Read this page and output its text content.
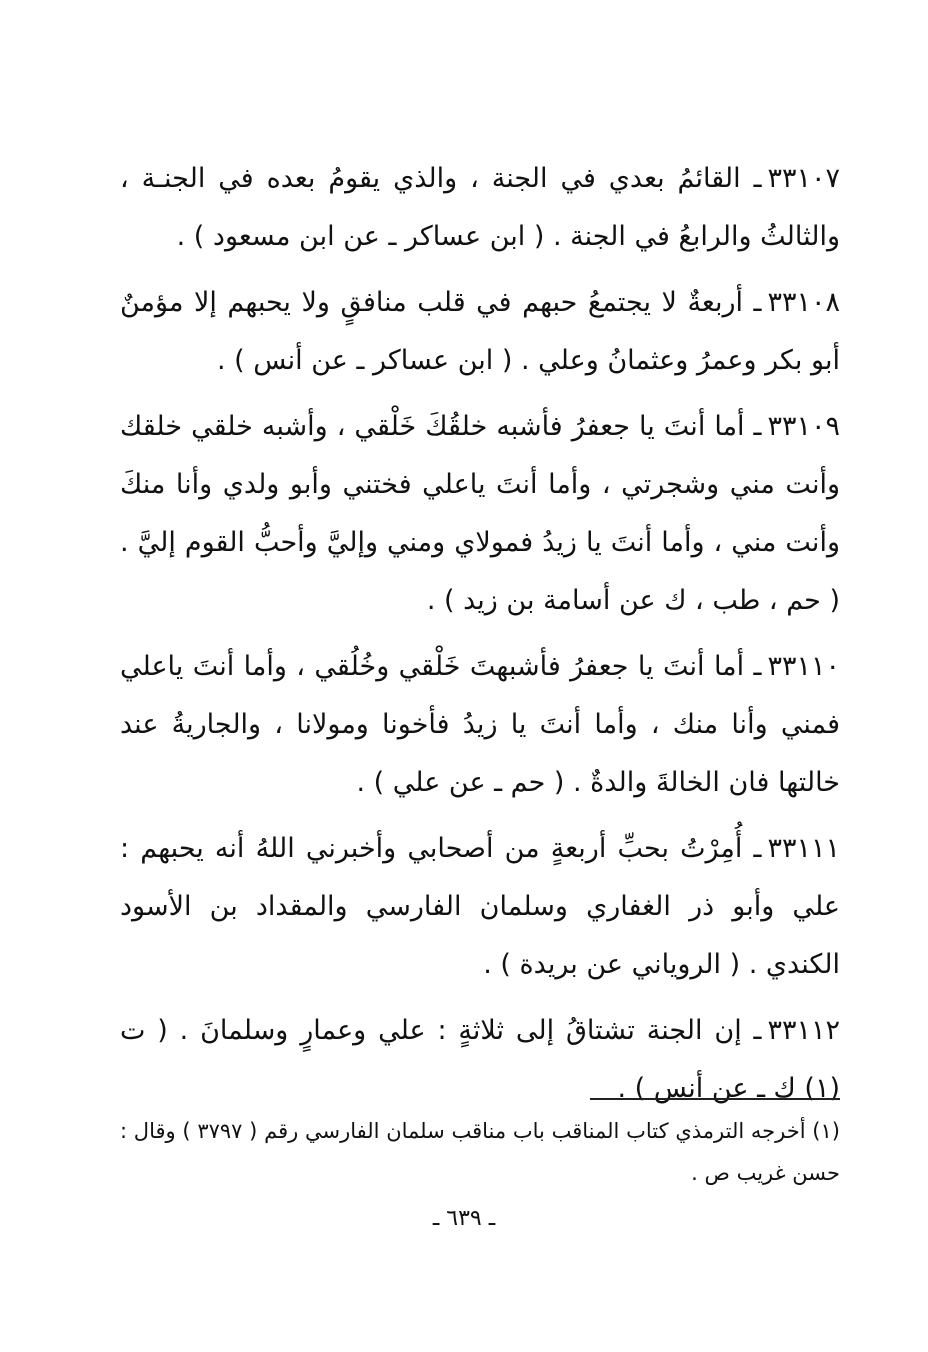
٣٣١٠٧ـ القائمُ بعدي في الجنة ، والذي يقومُ بعده في الجنـة ، والثالثُ والرابعُ في الجنة . ( ابن عساكر ـ عن ابن مسعود ) .

٣٣١٠٨ـ أربعةٌ لا يجتمعُ حبهم في قلب منافقٍ ولا يحبهم إلا مؤمنٌ أبو بكر وعمرُ وعثمانُ وعلي . ( ابن عساكر ـ عن أنس ) .

٣٣١٠٩ـ أما أنتَ يا جعفرُ فأشبه خلقُكَ خَلْقي ، وأشبه خلقي خلقك وأنت مني وشجرتي ، وأما أنتَ ياعلي فختني وأبو ولدي وأنا منكَ وأنت مني ، وأما أنتَ يا زيدُ فمولاي ومني وإليَّ وأحبُّ القوم إليَّ . ( حم ، طب ، ك عن أسامة بن زيد ) .

٣٣١١٠ـ أما أنتَ يا جعفرُ فأشبهتَ خَلْقي وخُلُقي ، وأما أنتَ ياعلي فمني وأنا منك ، وأما أنتَ يا زيدُ فأخونا ومولانا ، والجاريةُ عند خالتها فان الخالةَ والدةٌ . ( حم ـ عن علي ) .

٣٣١١١ـ أُمِرْتُ بحبِّ أربعةٍ من أصحابي وأخبرني اللهُ أنه يحبهم : علي وأبو ذر الغفاري وسلمان الفارسي والمقداد بن الأسود الكندي . ( الروياني عن بريدة ) .

٣٣١١٢ـ إن الجنة تشتاقُ إلى ثلاثةٍ : علي وعمارٍ وسلمانَ . ( ت (١) ك ـ عن أنس ) .

(١) أخرجه الترمذي كتاب المناقب باب مناقب سلمان الفارسي رقم ( ٣٧٩٧ ) وقال : حسن غريب ص .

ـ ٦٣٩ ـ
